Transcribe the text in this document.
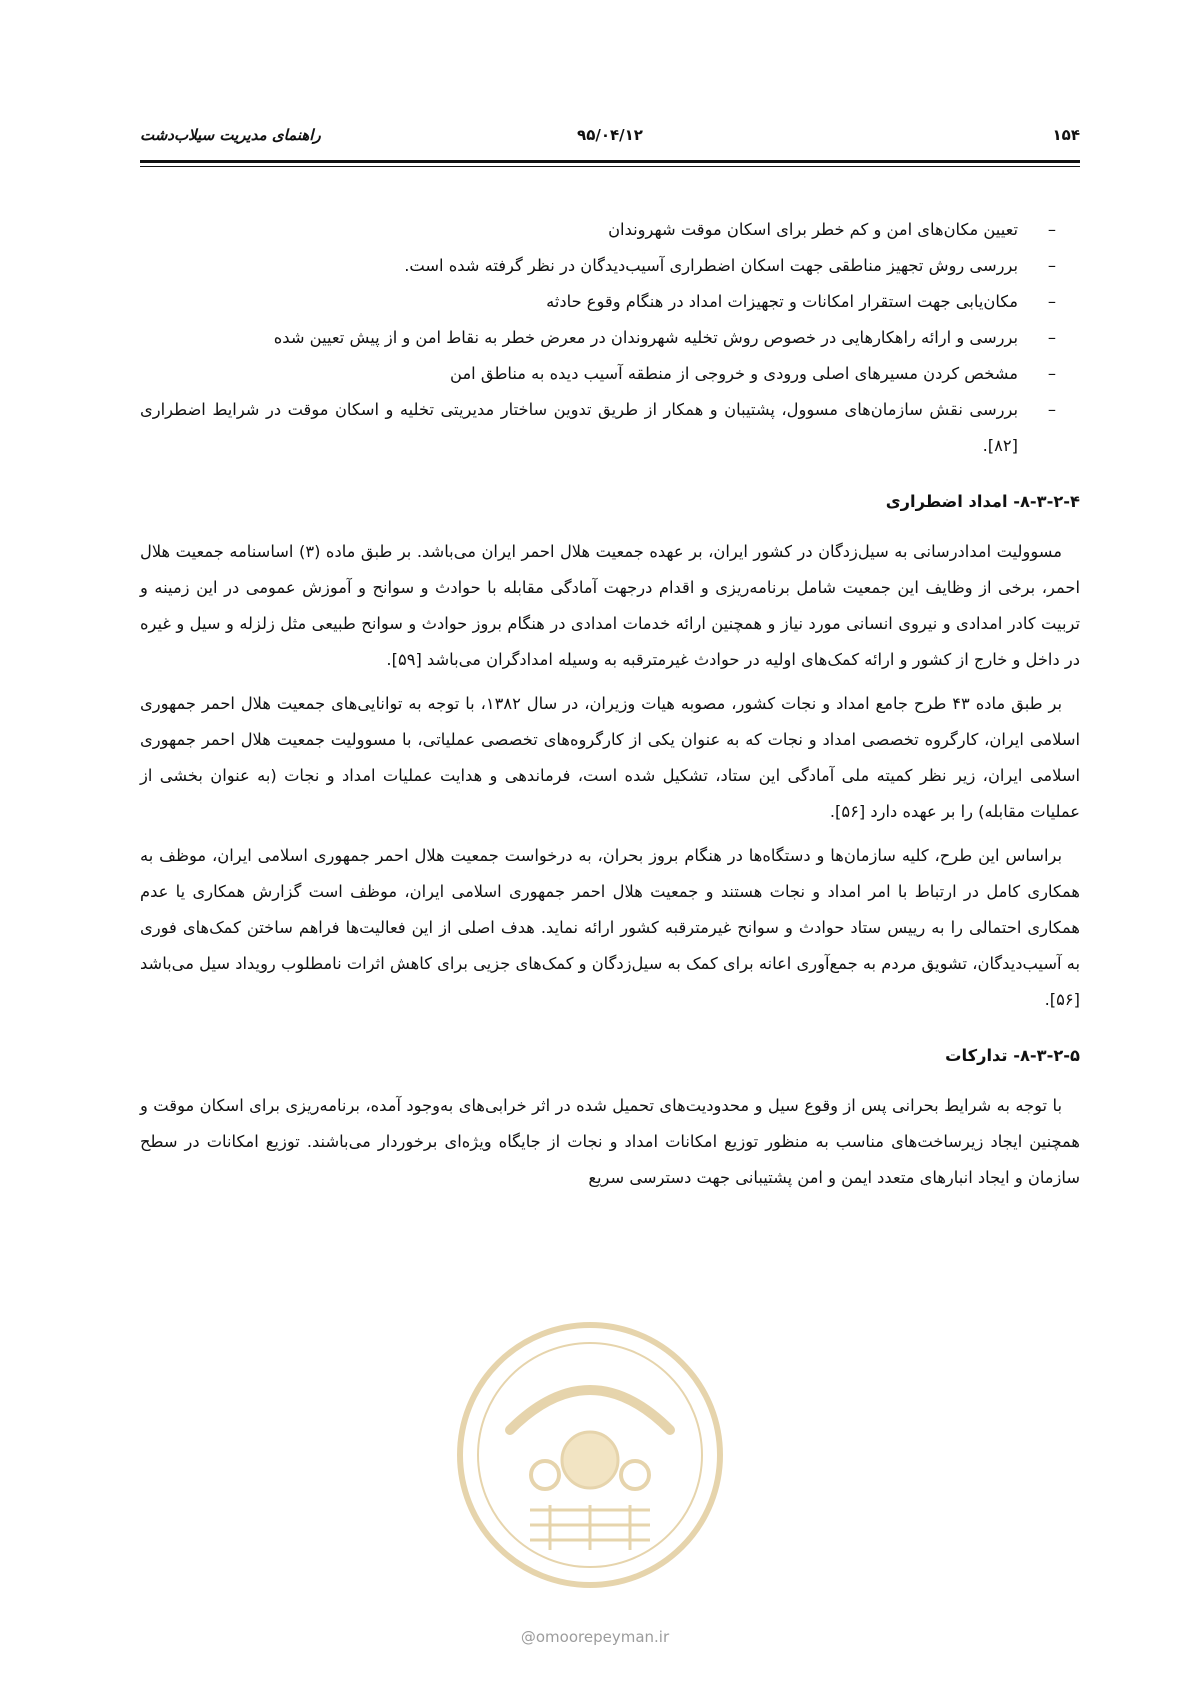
۱۵۴
۹۵/۰۴/۱۲
راهنمای مدیریت سیلاب‌دشت
–
تعیین مکان‌های امن و کم خطر برای اسکان موقت شهروندان
–
بررسی روش تجهیز مناطقی جهت اسکان اضطراری آسیب‌دیدگان در نظر گرفته شده است.
–
مکان‌یابی جهت استقرار امکانات و تجهیزات امداد در هنگام وقوع حادثه
–
بررسی و ارائه راهکارهایی در خصوص روش تخلیه شهروندان در معرض خطر به نقاط امن و از پیش تعیین شده
–
مشخص کردن مسیرهای اصلی ورودی و خروجی از منطقه آسیب دیده به مناطق امن
–
بررسی نقش سازمان‌های مسوول، پشتیبان و همکار از طریق تدوین ساختار مدیریتی تخلیه و اسکان موقت در شرایط اضطراری [۸۲].
۸-۳-۲-۴- امداد اضطراری

مسوولیت امدادرسانی به سیل‌زدگان در کشور ایران، بر عهده جمعیت هلال احمر ایران می‌باشد. بر طبق ماده (۳) اساسنامه جمعیت هلال احمر، برخی از وظایف این جمعیت شامل برنامه‌ریزی و اقدام درجهت آمادگی مقابله با حوادث و سوانح و آموزش عمومی در این زمینه و تربیت کادر امدادی و نیروی انسانی مورد نیاز و همچنین ارائه خدمات امدادی در هنگام بروز حوادث و سوانح طبیعی مثل زلزله و سیل و غیره در داخل و خارج از کشور و ارائه کمک‌های اولیه در حوادث غیرمترقبه به وسیله امدادگران می‌باشد [۵۹].

بر طبق ماده ۴۳ طرح جامع امداد و نجات کشور، مصوبه هیات وزیران، در سال ۱۳۸۲، با توجه به توانایی‌های جمعیت هلال احمر جمهوری اسلامی ایران، کارگروه تخصصی امداد و نجات که به عنوان یکی از کارگروه‌های تخصصی عملیاتی، با مسوولیت جمعیت هلال احمر جمهوری اسلامی ایران، زیر نظر کمیته ملی آمادگی این ستاد، تشکیل شده است، فرماندهی و هدایت عملیات امداد و نجات (به عنوان بخشی از عملیات مقابله) را بر عهده دارد [۵۶].

براساس این طرح، کلیه سازمان‌ها و دستگاه‌ها در هنگام بروز بحران، به درخواست جمعیت هلال احمر جمهوری اسلامی ایران، موظف به همکاری کامل در ارتباط با امر امداد و نجات هستند و جمعیت هلال احمر جمهوری اسلامی ایران، موظف است گزارش همکاری یا عدم همکاری احتمالی را به رییس ستاد حوادث و سوانح غیرمترقبه کشور ارائه نماید. هدف اصلی از این فعالیت‌ها فراهم ساختن کمک‌های فوری به آسیب‌دیدگان، تشویق مردم به جمع‌آوری اعانه برای کمک به سیل‌زدگان و کمک‌های جزیی برای کاهش اثرات نامطلوب رویداد سیل می‌باشد [۵۶].

۸-۳-۲-۵- تدارکات

با توجه به شرایط بحرانی پس از وقوع سیل و محدودیت‌های تحمیل شده در اثر خرابی‌های به‌وجود آمده، برنامه‌ریزی برای اسکان موقت و همچنین ایجاد زیرساخت‌های مناسب به منظور توزیع امکانات امداد و نجات از جایگاه ویژه‌ای برخوردار می‌باشند. توزیع امکانات در سطح سازمان و ایجاد انبارهای متعدد ایمن و امن پشتیبانی جهت دسترسی سریع

@omoorepeyman.ir
